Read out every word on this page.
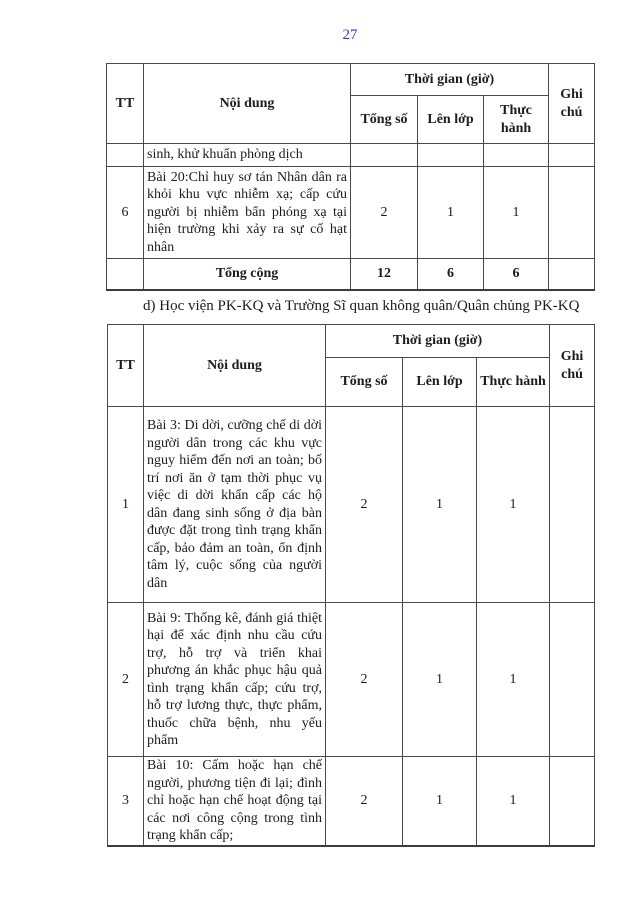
27
TT	Nội dung	Thời gian (giờ)			Ghi chú
		Tổng số	Lên lớp	Thực hành	
	sinh, khử khuẩn phòng dịch				
6	Bài 20:Chỉ huy sơ tán Nhân dân ra khỏi khu vực nhiễm xạ; cấp cứu người bị nhiễm bẩn phóng xạ tại hiện trường khi xảy ra sự cố hạt nhân	2	1	1	
	Tổng cộng	12	6	6	
d) Học viện PK-KQ và Trường Sĩ quan không quân/Quân chủng PK-KQ
TT	Nội dung	Thời gian (giờ)			Ghi chú
		Tổng số	Lên lớp	Thực hành	
1	Bài 3: Di dời, cưỡng chế di dời người dân trong các khu vực nguy hiểm đến nơi an toàn; bố trí nơi ăn ở tạm thời phục vụ việc di dời khẩn cấp các hộ dân đang sinh sống ở địa bàn được đặt trong tình trạng khẩn cấp, bảo đảm an toàn, ổn định tâm lý, cuộc sống của người dân	2	1	1	
2	Bài 9: Thống kê, đánh giá thiệt hại để xác định nhu cầu cứu trợ, hỗ trợ và triển khai phương án khắc phục hậu quả tình trạng khẩn cấp; cứu trợ, hỗ trợ lương thực, thực phẩm, thuốc chữa bệnh, nhu yếu phẩm	2	1	1	
3	Bài 10: Cấm hoặc hạn chế người, phương tiện đi lại; đình chỉ hoặc hạn chế hoạt động tại các nơi công cộng trong tình trạng khẩn cấp;	2	1	1	
